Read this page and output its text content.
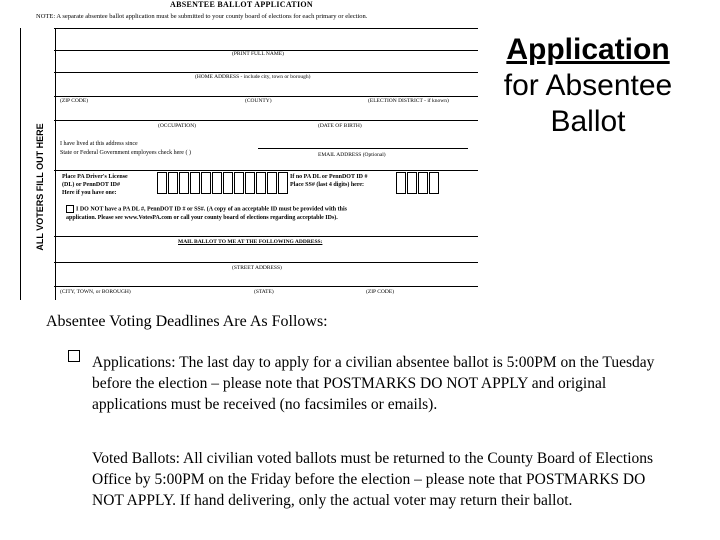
ABSENTEE BALLOT APPLICATION
NOTE: A separate absentee ballot application must be submitted to your county board of elections for each primary or election.
ALL VOTERS FILL OUT HERE
(PRINT FULL NAME)
(HOME ADDRESS - include city, town or borough)
(ZIP CODE)	(COUNTY)	(ELECTION DISTRICT - if known)
(OCCUPATION)	(DATE OF BIRTH)
I have lived at this address since
State or Federal Government employees check here ( )	EMAIL ADDRESS (Optional)
Place PA Driver's License
(DL) or PennDOT ID#
Here if you have one:
If no PA DL or PennDOT ID #
Place SS# (last 4 digits) here:
I DO NOT have a PA DL #, PennDOT ID # or SS#. (A copy of an acceptable ID must be provided with this
application. Please see www.VotesPA.com or call your county board of elections regarding acceptable IDs).
MAIL BALLOT TO ME AT THE FOLLOWING ADDRESS:
(STREET ADDRESS)
(CITY, TOWN, or BOROUGH)	(STATE)	(ZIP CODE)
Application
for Absentee
Ballot
Absentee Voting Deadlines Are As Follows:
Applications: The last day to apply for a civilian absentee ballot is 5:00PM on the Tuesday before the election – please note that POSTMARKS DO NOT APPLY and original applications must be received (no facsimiles or emails).
Voted Ballots: All civilian voted ballots must be returned to the County Board of Elections Office by 5:00PM on the Friday before the election – please note that POSTMARKS DO NOT APPLY. If hand delivering, only the actual voter may return their ballot.
